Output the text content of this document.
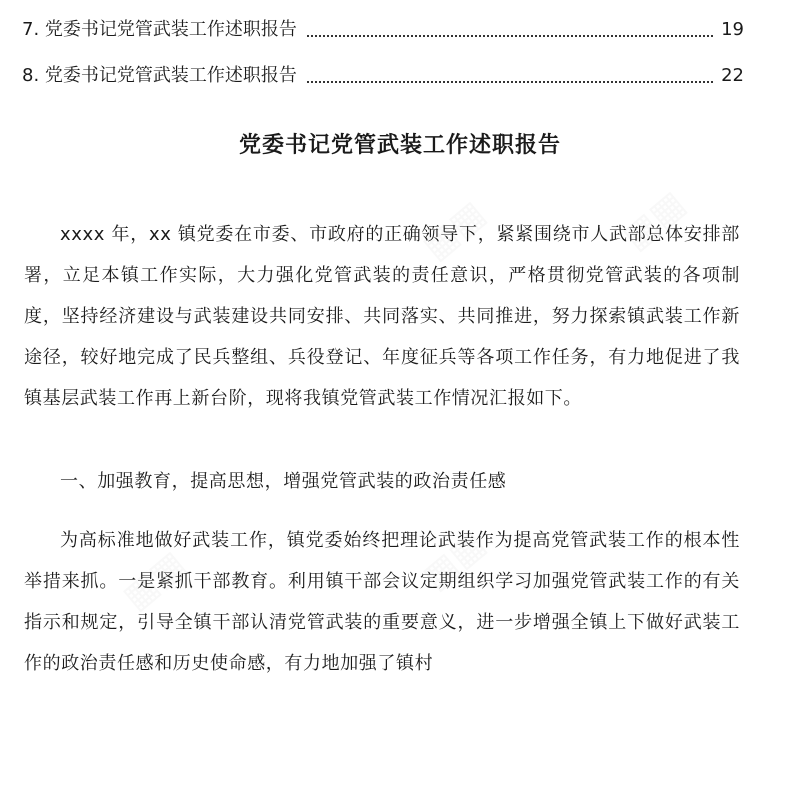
7. 党委书记党管武装工作述职报告	19
8. 党委书记党管武装工作述职报告	22
党委书记党管武装工作述职报告

xxxx 年，xx 镇党委在市委、市政府的正确领导下，紧紧围绕市人武部总体安排部署，立足本镇工作实际，大力强化党管武装的责任意识，严格贯彻党管武装的各项制度，坚持经济建设与武装建设共同安排、共同落实、共同推进，努力探索镇武装工作新途径，较好地完成了民兵整组、兵役登记、年度征兵等各项工作任务，有力地促进了我镇基层武装工作再上新台阶，现将我镇党管武装工作情况汇报如下。

一、加强教育，提高思想，增强党管武装的政治责任感

为高标准地做好武装工作，镇党委始终把理论武装作为提高党管武装工作的根本性举措来抓。一是紧抓干部教育。利用镇干部会议定期组织学习加强党管武装工作的有关指示和规定，引导全镇干部认清党管武装的重要意义，进一步增强全镇上下做好武装工作的政治责任感和历史使命感，有力地加强了镇村

▦▦	▦▦
▦▦	▦▦
